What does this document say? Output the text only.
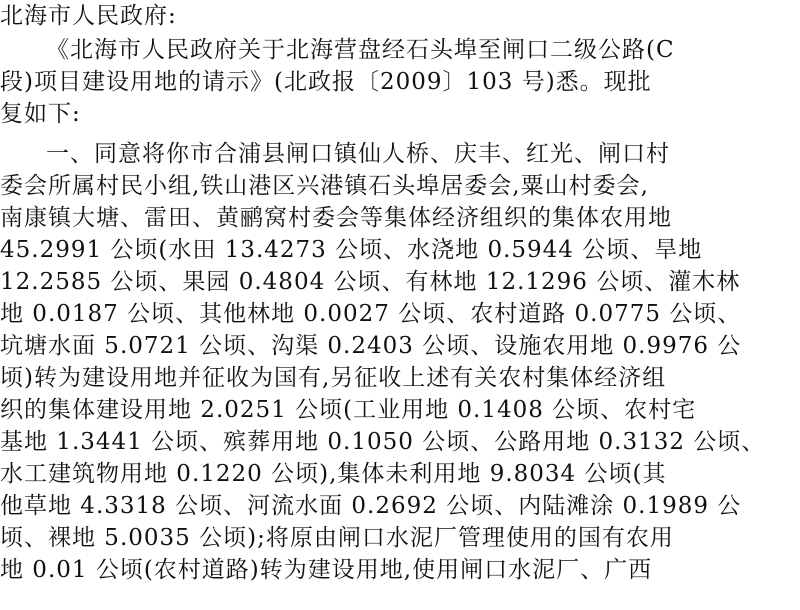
北海市人民政府:
《北海市人民政府关于北海营盘经石头埠至闸口二级公路(C
段)项目建设用地的请示》(北政报〔2009〕103 号)悉。现批
复如下:
一、同意将你市合浦县闸口镇仙人桥、庆丰、红光、闸口村
委会所属村民小组,铁山港区兴港镇石头埠居委会,粟山村委会,
南康镇大塘、雷田、黄鹂窝村委会等集体经济组织的集体农用地
45.2991 公顷(水田 13.4273 公顷、水浇地 0.5944 公顷、旱地
12.2585 公顷、果园 0.4804 公顷、有林地 12.1296 公顷、灌木林
地 0.0187 公顷、其他林地 0.0027 公顷、农村道路 0.0775 公顷、
坑塘水面 5.0721 公顷、沟渠 0.2403 公顷、设施农用地 0.9976 公
顷)转为建设用地并征收为国有,另征收上述有关农村集体经济组
织的集体建设用地 2.0251 公顷(工业用地 0.1408 公顷、农村宅
基地 1.3441 公顷、殡葬用地 0.1050 公顷、公路用地 0.3132 公顷、
水工建筑物用地 0.1220 公顷),集体未利用地 9.8034 公顷(其
他草地 4.3318 公顷、河流水面 0.2692 公顷、内陆滩涂 0.1989 公
顷、裸地 5.0035 公顷);将原由闸口水泥厂管理使用的国有农用
地 0.01 公顷(农村道路)转为建设用地,使用闸口水泥厂、广西
